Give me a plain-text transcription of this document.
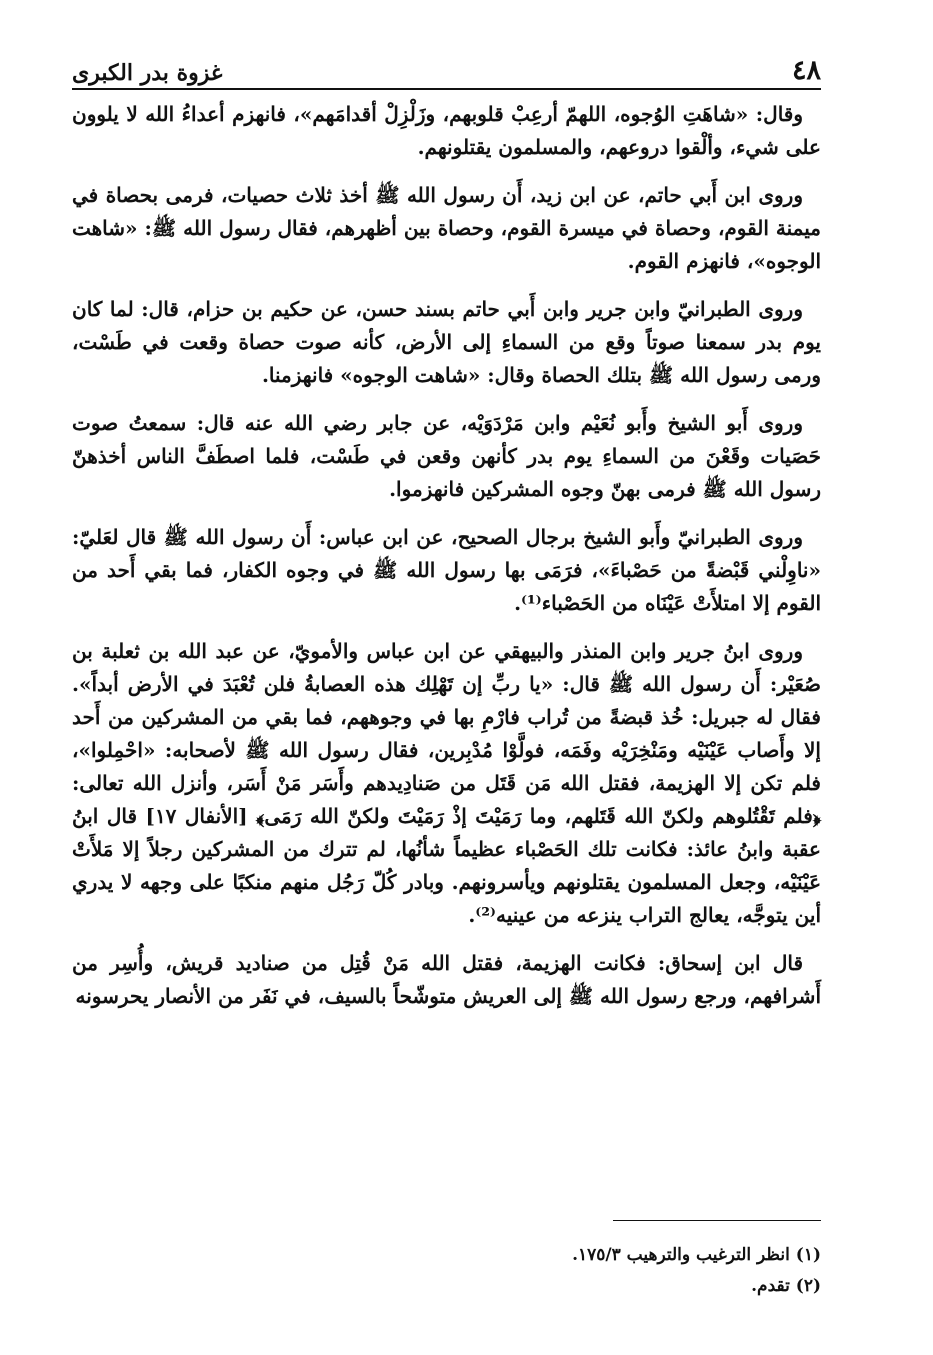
٤٨
غزوة بدر الكبرى

وقال: «شاهَتِ الوُجوه، اللهمّ أرعِبْ قلوبهم، وزَلْزِلْ أقدامَهم»، فانهزم أعداءُ الله لا يلوون على شيء، وألْقوا دروعهم، والمسلمون يقتلونهم.

وروى ابن أَبي حاتم، عن ابن زيد، أَن رسول الله ﷺ أخذ ثلاث حصيات، فرمى بحصاة في ميمنة القوم، وحصاة في ميسرة القوم، وحصاة بين أظهرهم، فقال رسول الله ﷺ: «شاهت الوجوه»، فانهزم القوم.

وروى الطبرانيّ وابن جرير وابن أَبي حاتم بسند حسن، عن حكيم بن حزام، قال: لما كان يوم بدر سمعنا صوتاً وقع من السماءِ إلى الأرض، كأنه صوت حصاة وقعت في طَسْت، ورمى رسول الله ﷺ بتلك الحصاة وقال: «شاهت الوجوه» فانهزمنا.

وروى أَبو الشيخ وأَبو نُعَيْم وابن مَرْدَوَيْه، عن جابر رضي الله عنه قال: سمعتُ صوت حَصَيات وقَعْنَ من السماءِ يوم بدر كأنهن وقعن في طَسْت، فلما اصطَفَّ الناس أخذهنّ رسول الله ﷺ فرمى بهنّ وجوه المشركين فانهزموا.

وروى الطبرانيّ وأَبو الشيخ برجال الصحيح، عن ابن عباس: أَن رسول الله ﷺ قال لعَليّ: «ناوِلْني قَبْضةً من حَصْباءَ»، فرَمَى بها رسول الله ﷺ في وجوه الكفار، فما بقي أَحد من القوم إلا امتلأَتْ عَيْنَاه من الحَصْباء⁽¹⁾.

وروى ابنُ جرير وابن المنذر والبيهقي عن ابن عباس والأمويّ، عن عبد الله بن ثعلبة بن صُعَيْر: أَن رسول الله ﷺ قال: «يا ربِّ إن تَهْلِك هذه العصابةُ فلن تُعْبَدَ في الأرض أبداً». فقال له جبريل: خُذ قبضةً من تُراب فارْمِ بها في وجوههم، فما بقي من المشركين من أَحد إلا وأَصاب عَيْنَيْه ومَنْخِرَيْه وفَمَه، فولَّوْا مُدْبِرين، فقال رسول الله ﷺ لأصحابه: «احْمِلوا»، فلم تكن إلا الهزيمة، فقتل الله مَن قَتَل من صَنادِيدهم وأَسَر مَنْ أَسَر، وأنزل الله تعالى: ﴿فلم تَقْتُلوهم ولكنّ الله قَتَلهم، وما رَمَيْتَ إذْ رَمَيْتَ ولكنّ الله رَمَى﴾ [الأنفال ١٧] قال ابنُ عقبة وابنُ عائذ: فكانت تلك الحَصْباء عظيماً شأنُها، لم تترك من المشركين رجلاً إلا مَلأَتْ عَيْنَيْه، وجعل المسلمون يقتلونهم ويأسرونهم. وبادر كُلّ رَجُل منهم منكبًا على وجهه لا يدري أين يتوجَّه، يعالج التراب ينزعه من عينيه⁽²⁾.

قال ابن إسحاق: فكانت الهزيمة، فقتل الله مَنْ قُتِل من صناديد قريش، وأُسِر من أَشرافهم، ورجع رسول الله ﷺ إلى العريش متوشّحاً بالسيف، في نَفَر من الأنصار يحرسونه

(١) انظر الترغيب والترهيب ١٧٥/٣.
(٢) تقدم.
